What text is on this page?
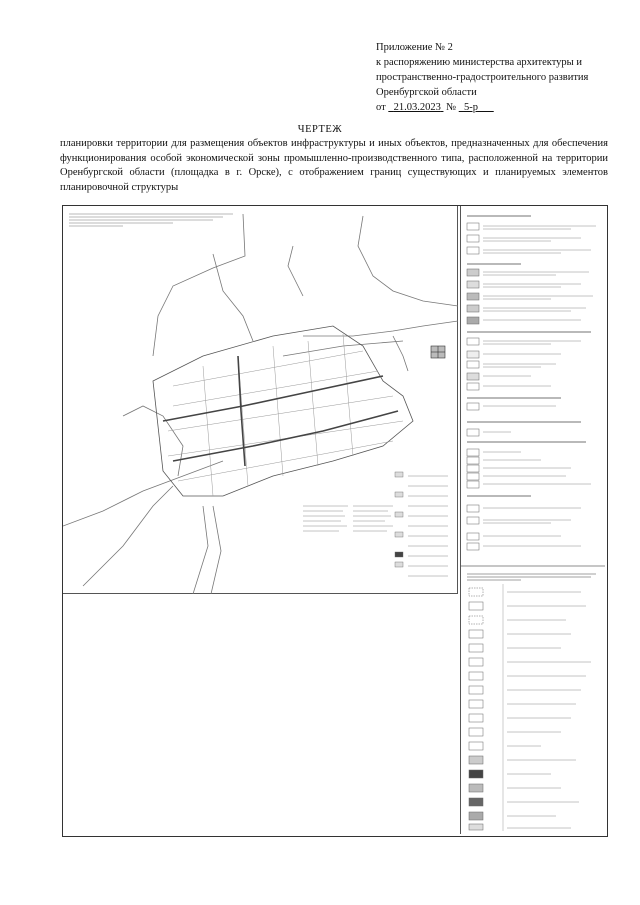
Приложение № 2
к распоряжению министерства архитектуры и
пространственно-градостроительного развития
Оренбургской области
от 21.03.2023 № 5-р
ЧЕРТЕЖ
планировки территории для размещения объектов инфраструктуры и иных объектов, предназначенных для обеспечения функционирования особой экономической зоны промышленно-производственного типа, расположенной на территории Оренбургской области (площадка в г. Орске), с отображением границ существующих и планируемых элементов планировочной структуры
